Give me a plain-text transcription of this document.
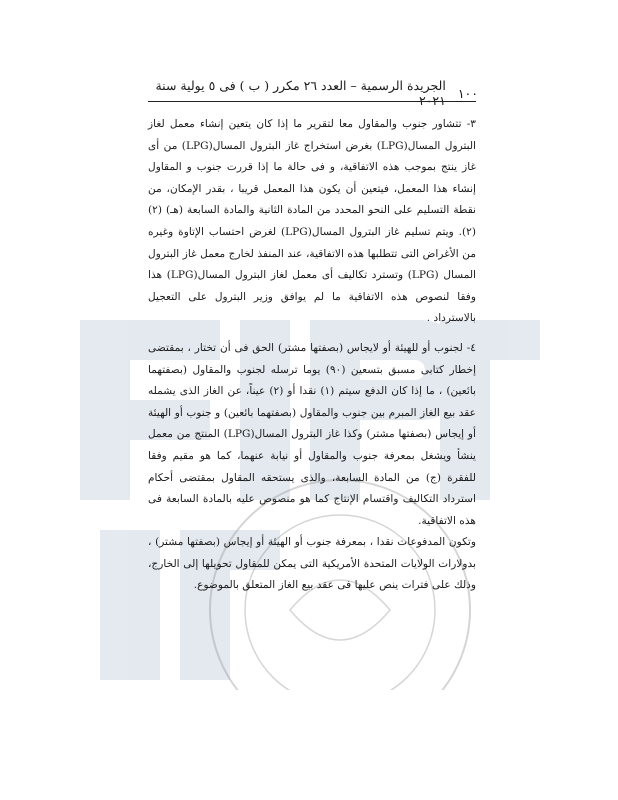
١٠٠
الجريدة الرسمية – العدد ٢٦ مكرر ( ب ) فى ٥ يولية سنة ٢٠٢١

٣- تتشاور جنوب والمقاول معا لتقرير ما إذا كان يتعين إنشاء معمل لغاز البترول المسال(LPG) بغرض استخراج غاز البترول المسال(LPG) من أى غاز ينتج بموجب هذه الاتفاقية، و فى حالة ما إذا قررت جنوب و المقاول إنشاء هذا المعمل، فيتعين أن يكون هذا المعمل قريبا ، بقدر الإمكان، من نقطة التسليم على النحو المحدد من المادة الثانية والمادة السابعة (هـ) (٢) (٢). ويتم تسليم غاز البترول المسال(LPG) لغرض احتساب الإتاوة وغيره من الأغراض التى تتطلبها هذه الاتفاقية، عند المنفذ لخارج معمل غاز البترول المسال (LPG) وتسترد تكاليف أى معمل لغاز البترول المسال(LPG) هذا وفقا لنصوص هذه الاتفاقية ما لم يوافق وزير البترول على التعجيل بالاسترداد .

٤- لجنوب أو للهيئة أو لايجاس (بصفتها مشتر) الحق فى أن تختار ، بمقتضى إخطار كتابى مسبق بتسعين (٩٠) يوما ترسله لجنوب والمقاول (بصفتهما بائعين) ، ما إذا كان الدفع سيتم (١) نقدا أو (٢) عيناً، عن الغاز الذى يشمله عقد بيع الغاز المبرم بين جنوب والمقاول (بصفتهما بائعين) و جنوب أو الهيئة أو إيجاس (بصفتها مشتر) وكذا غاز البترول المسال(LPG) المنتج من معمل ينشأ ويشغل بمعرفة جنوب والمقاول أو نيابة عنهما، كما هو مقيم وفقا للفقرة (ج) من المادة السابعة، والذى يستحقه المقاول بمقتضى أحكام استرداد التكاليف واقتسام الإنتاج كما هو منصوص عليه بالمادة السابعة فى هذه الاتفاقية.

وتكون المدفوعات نقدا ، بمعرفة جنوب أو الهيئة أو إيجاس (بصفتها مشتر) ، بدولارات الولايات المتحدة الأمريكية التى يمكن للمقاول تحويلها إلى الخارج، وذلك على فترات ينص عليها فى عقد بيع الغاز المتعلق بالموضوع.
